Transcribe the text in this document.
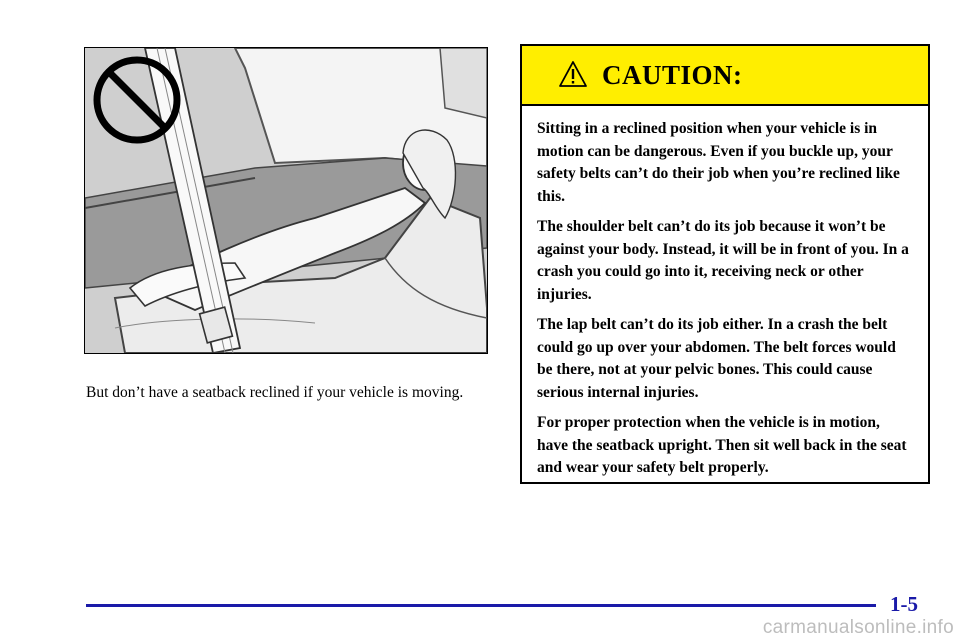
But don’t have a seatback reclined if your vehicle is moving.

CAUTION:

Sitting in a reclined position when your vehicle is in motion can be dangerous. Even if you buckle up, your safety belts can’t do their job when you’re reclined like this.

The shoulder belt can’t do its job because it won’t be against your body. Instead, it will be in front of you. In a crash you could go into it, receiving neck or other injuries.

The lap belt can’t do its job either. In a crash the belt could go up over your abdomen. The belt forces would be there, not at your pelvic bones. This could cause serious internal injuries.

For proper protection when the vehicle is in motion, have the seatback upright. Then sit well back in the seat and wear your safety belt properly.

1-5
carmanualsonline.info
